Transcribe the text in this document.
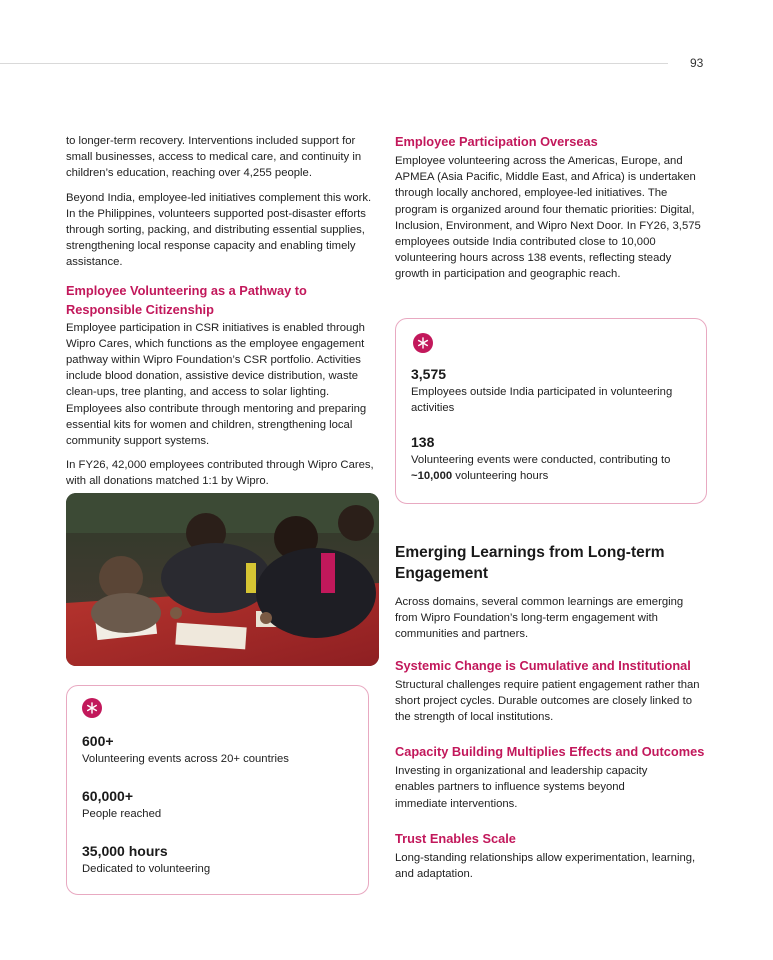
93

to longer-term recovery. Interventions included support for small businesses, access to medical care, and continuity in children’s education, reaching over 4,255 people.

Beyond India, employee-led initiatives complement this work. In the Philippines, volunteers supported post-disaster efforts through sorting, packing, and distributing essential supplies, strengthening local response capacity and enabling timely assistance.

Employee Volunteering as a Pathway to Responsible Citizenship

Employee participation in CSR initiatives is enabled through Wipro Cares, which functions as the employee engagement pathway within Wipro Foundation’s CSR portfolio. Activities include blood donation, assistive device distribution, waste clean-ups, tree planting, and access to solar lighting. Employees also contribute through mentoring and preparing essential kits for women and children, strengthening local community support systems.

In FY26, 42,000 employees contributed through Wipro Cares, with all donations matched 1:1 by Wipro.

600+
Volunteering events across 20+ countries
60,000+
People reached
35,000 hours
Dedicated to volunteering
Employee Participation Overseas

Employee volunteering across the Americas, Europe, and APMEA (Asia Pacific, Middle East, and Africa) is undertaken through locally anchored, employee-led initiatives. The program is organized around four thematic priorities: Digital, Inclusion, Environment, and Wipro Next Door. In FY26, 3,575 employees outside India contributed close to 10,000 volunteering hours across 138 events, reflecting steady growth in participation and geographic reach.

3,575
Employees outside India participated in volunteering activities
138
Volunteering events were conducted, contributing to ~10,000 volunteering hours
Emerging Learnings from Long-term Engagement

Across domains, several common learnings are emerging from Wipro Foundation’s long-term engagement with communities and partners.

Systemic Change is Cumulative and Institutional

Structural challenges require patient engagement rather than short project cycles. Durable outcomes are closely linked to the strength of local institutions.

Capacity Building Multiplies Effects and Outcomes

Investing in organizational and leadership capacity enables partners to influence systems beyond immediate interventions.

Trust Enables Scale

Long-standing relationships allow experimentation, learning, and adaptation.
